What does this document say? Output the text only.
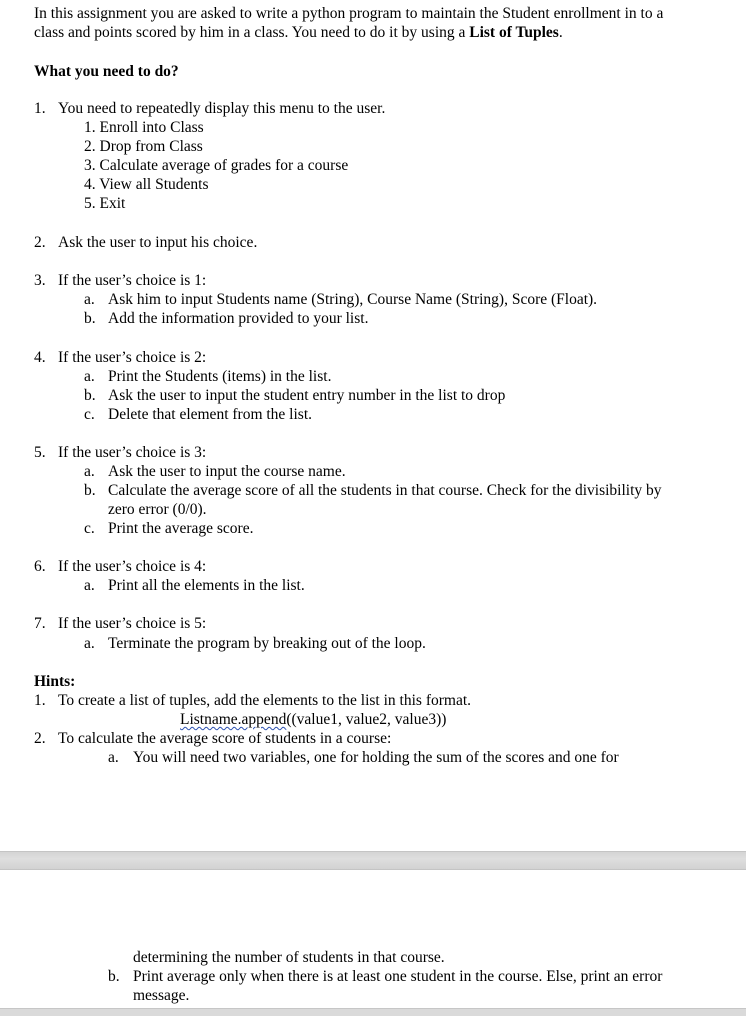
In this assignment you are asked to write a python program to maintain the Student enrollment in to a
class and points scored by him in a class. You need to do it by using a List of Tuples.
What you need to do?
1. You need to repeatedly display this menu to the user.
1. Enroll into Class
2. Drop from Class
3. Calculate average of grades for a course
4. View all Students
5. Exit
2. Ask the user to input his choice.
3. If the user’s choice is 1:
a. Ask him to input Students name (String), Course Name (String), Score (Float).
b. Add the information provided to your list.
4. If the user’s choice is 2:
a. Print the Students (items) in the list.
b. Ask the user to input the student entry number in the list to drop
c. Delete that element from the list.
5. If the user’s choice is 3:
a. Ask the user to input the course name.
b. Calculate the average score of all the students in that course. Check for the divisibility by
zero error (0/0).
c. Print the average score.
6. If the user’s choice is 4:
a. Print all the elements in the list.
7. If the user’s choice is 5:
a. Terminate the program by breaking out of the loop.
Hints:
1. To create a list of tuples, add the elements to the list in this format.
Listname.append((value1, value2, value3))
2. To calculate the average score of students in a course:
a. You will need two variables, one for holding the sum of the scores and one for
determining the number of students in that course.
b. Print average only when there is at least one student in the course. Else, print an error
message.
